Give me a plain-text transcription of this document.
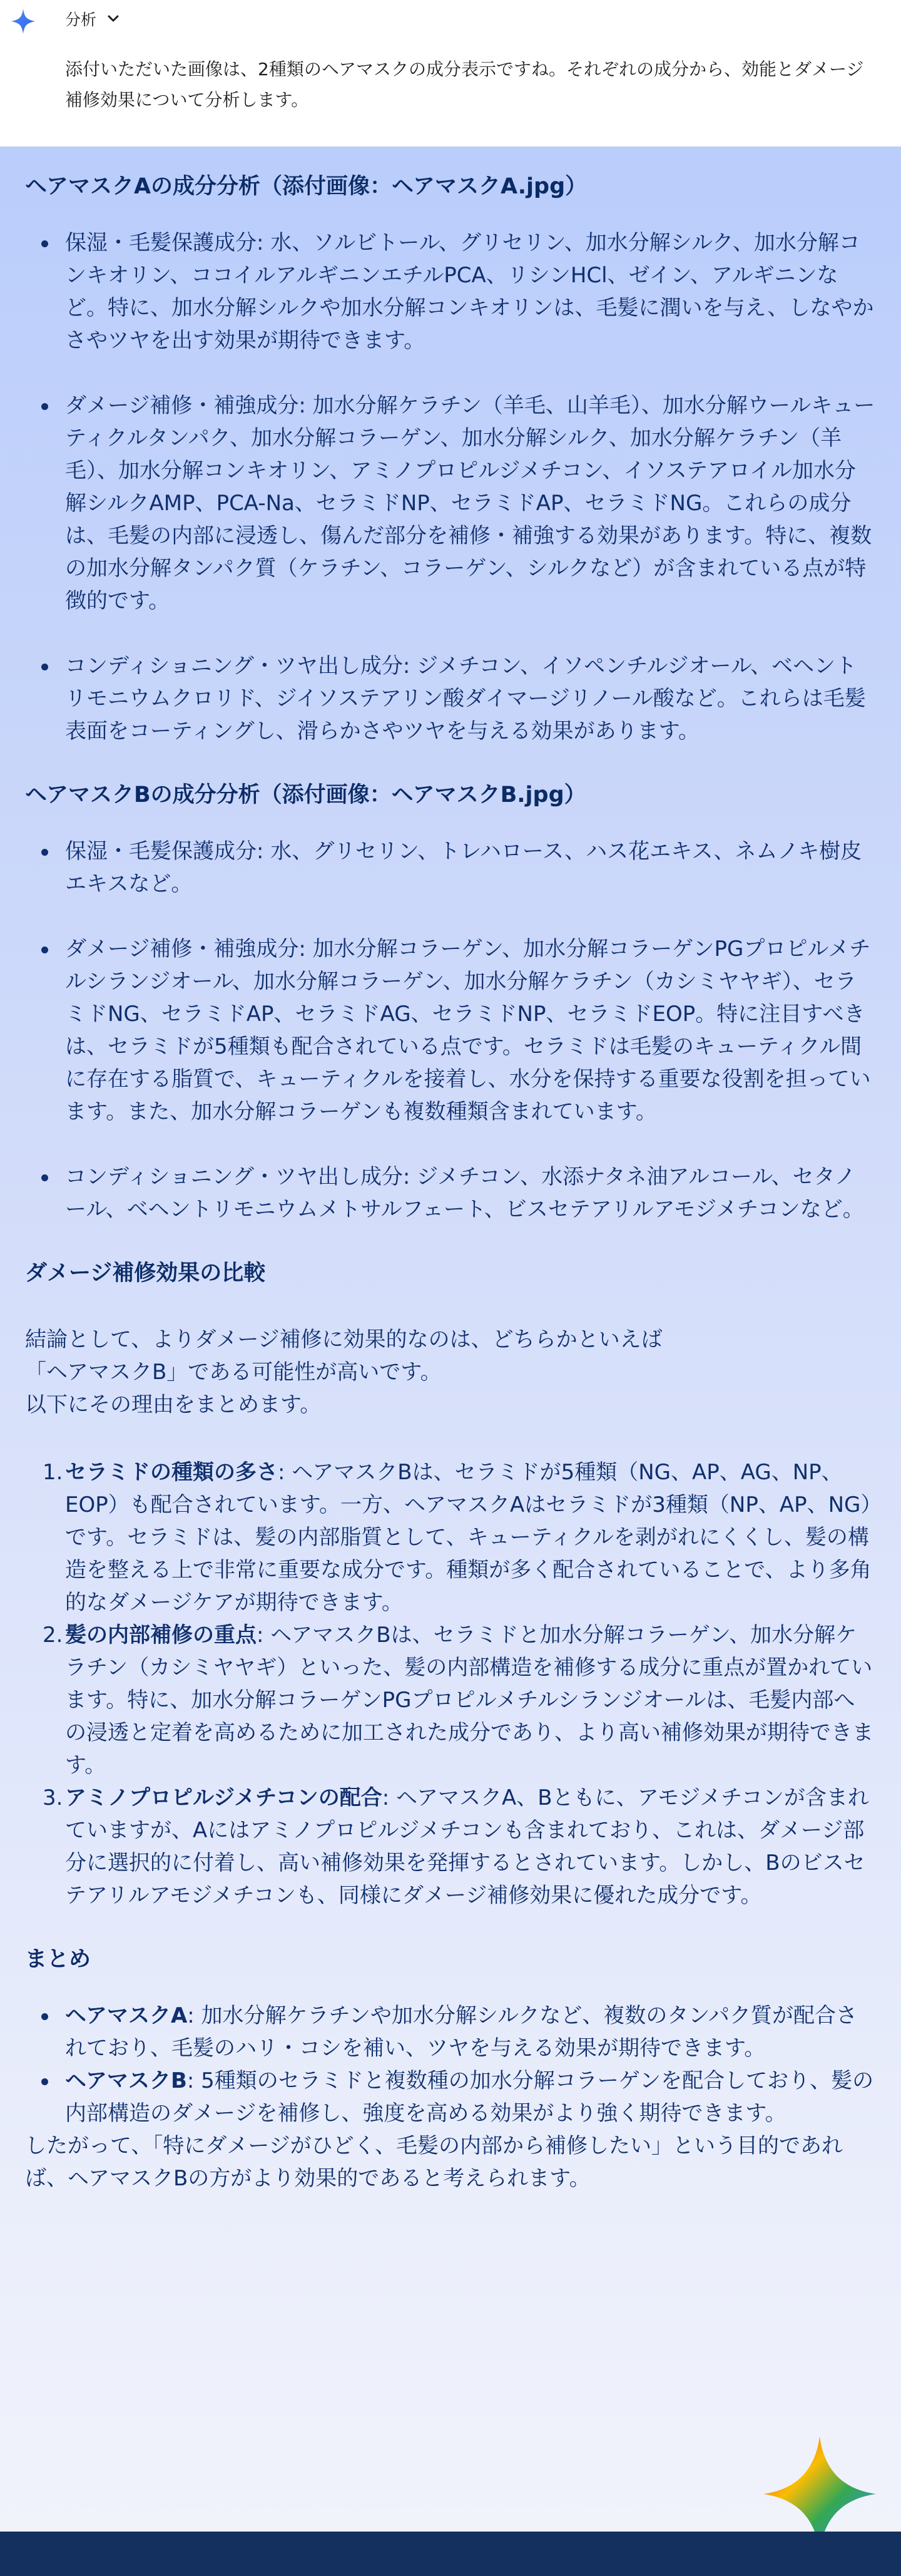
分析
添付いただいた画像は、2種類のヘアマスクの成分表示ですね。それぞれの成分から、効能とダメージ補修効果について分析します。
ヘアマスクAの成分分析（添付画像：ヘアマスクA.jpg）
保湿・毛髪保護成分: 水、ソルビトール、グリセリン、加水分解シルク、加水分解コンキオリン、ココイルアルギニンエチルPCA、リシンHCl、ゼイン、アルギニンなど。特に、加水分解シルクや加水分解コンキオリンは、毛髪に潤いを与え、しなやかさやツヤを出す効果が期待できます。
ダメージ補修・補強成分: 加水分解ケラチン（羊毛、山羊毛）、加水分解ウールキューティクルタンパク、加水分解コラーゲン、加水分解シルク、加水分解ケラチン（羊毛）、加水分解コンキオリン、アミノプロピルジメチコン、イソステアロイル加水分解シルクAMP、PCA-Na、セラミドNP、セラミドAP、セラミドNG。これらの成分は、毛髪の内部に浸透し、傷んだ部分を補修・補強する効果があります。特に、複数の加水分解タンパク質（ケラチン、コラーゲン、シルクなど）が含まれている点が特徴的です。
コンディショニング・ツヤ出し成分: ジメチコン、イソペンチルジオール、ベヘントリモニウムクロリド、ジイソステアリン酸ダイマージリノール酸など。これらは毛髪表面をコーティングし、滑らかさやツヤを与える効果があります。
ヘアマスクBの成分分析（添付画像：ヘアマスクB.jpg）
保湿・毛髪保護成分: 水、グリセリン、トレハロース、ハス花エキス、ネムノキ樹皮エキスなど。
ダメージ補修・補強成分: 加水分解コラーゲン、加水分解コラーゲンPGプロピルメチルシランジオール、加水分解コラーゲン、加水分解ケラチン（カシミヤヤギ）、セラミドNG、セラミドAP、セラミドAG、セラミドNP、セラミドEOP。特に注目すべきは、セラミドが5種類も配合されている点です。セラミドは毛髪のキューティクル間に存在する脂質で、キューティクルを接着し、水分を保持する重要な役割を担っています。また、加水分解コラーゲンも複数種類含まれています。
コンディショニング・ツヤ出し成分: ジメチコン、水添ナタネ油アルコール、セタノール、ベヘントリモニウムメトサルフェート、ビスセテアリルアモジメチコンなど。
ダメージ補修効果の比較

結論として、よりダメージ補修に効果的なのは、どちらかといえば

「ヘアマスクB」である可能性が高いです。

以下にその理由をまとめます。

1. セラミドの種類の多さ: ヘアマスクBは、セラミドが5種類（NG、AP、AG、NP、EOP）も配合されています。一方、ヘアマスクAはセラミドが3種類（NP、AP、NG）です。セラミドは、髪の内部脂質として、キューティクルを剥がれにくくし、髪の構造を整える上で非常に重要な成分です。種類が多く配合されていることで、より多角的なダメージケアが期待できます。
2. 髪の内部補修の重点: ヘアマスクBは、セラミドと加水分解コラーゲン、加水分解ケラチン（カシミヤヤギ）といった、髪の内部構造を補修する成分に重点が置かれています。特に、加水分解コラーゲンPGプロピルメチルシランジオールは、毛髪内部への浸透と定着を高めるために加工された成分であり、より高い補修効果が期待できます。
3. アミノプロピルジメチコンの配合: ヘアマスクA、Bともに、アモジメチコンが含まれていますが、Aにはアミノプロピルジメチコンも含まれており、これは、ダメージ部分に選択的に付着し、高い補修効果を発揮するとされています。しかし、Bのビスセテアリルアモジメチコンも、同様にダメージ補修効果に優れた成分です。
まとめ
ヘアマスクA: 加水分解ケラチンや加水分解シルクなど、複数のタンパク質が配合されており、毛髪のハリ・コシを補い、ツヤを与える効果が期待できます。
ヘアマスクB: 5種類のセラミドと複数種の加水分解コラーゲンを配合しており、髪の内部構造のダメージを補修し、強度を高める効果がより強く期待できます。

したがって、「特にダメージがひどく、毛髪の内部から補修したい」という目的であれば、ヘアマスクBの方がより効果的であると考えられます。
